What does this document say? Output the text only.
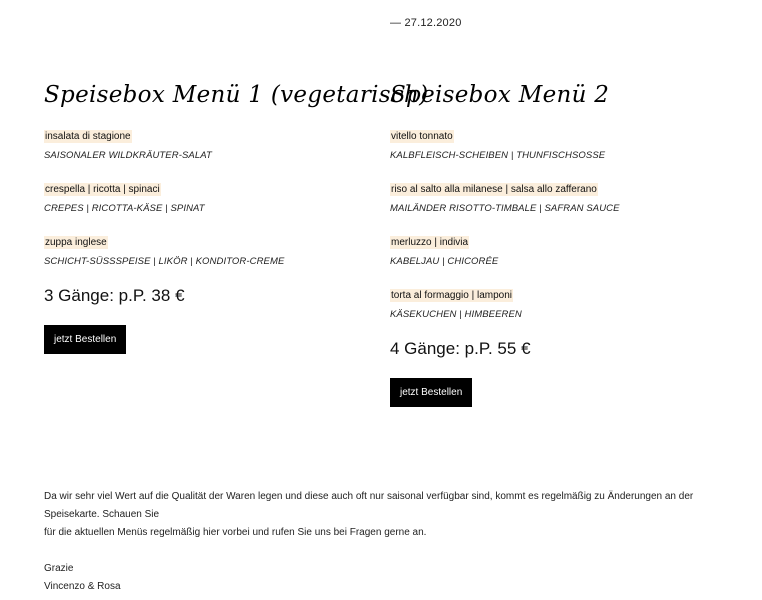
— 27.12.2020
Speisebox Menü 1 (vegetarisch)
insalata di stagione
SAISONALER WILDKRÄUTER-SALAT
crespella | ricotta | spinaci
CREPES | RICOTTA-KÄSE | SPINAT
zuppa inglese
SCHICHT-SÜSSSPEISE | LIKÖR | KONDITOR-CREME
3 Gänge: p.P. 38 €
jetzt Bestellen
Speisebox Menü 2
vitello tonnato
KALBFLEISCH-SCHEIBEN | THUNFISCHSOSSE
riso al salto alla milanese | salsa allo zafferano
MAILÄNDER RISOTTO-TIMBALE | SAFRAN SAUCE
merluzzo | indivia
KABELJAU | CHICORÉE
torta al formaggio | lamponi
KÄSEKUCHEN | HIMBEEREN
4 Gänge: p.P. 55 €
jetzt Bestellen

Da wir sehr viel Wert auf die Qualität der Waren legen und diese auch oft nur saisonal verfügbar sind, kommt es regelmäßig zu Änderungen an der Speisekarte. Schauen Sie

für die aktuellen Menüs regelmäßig hier vorbei und rufen Sie uns bei Fragen gerne an.

Grazie

Vincenzo & Rosa
